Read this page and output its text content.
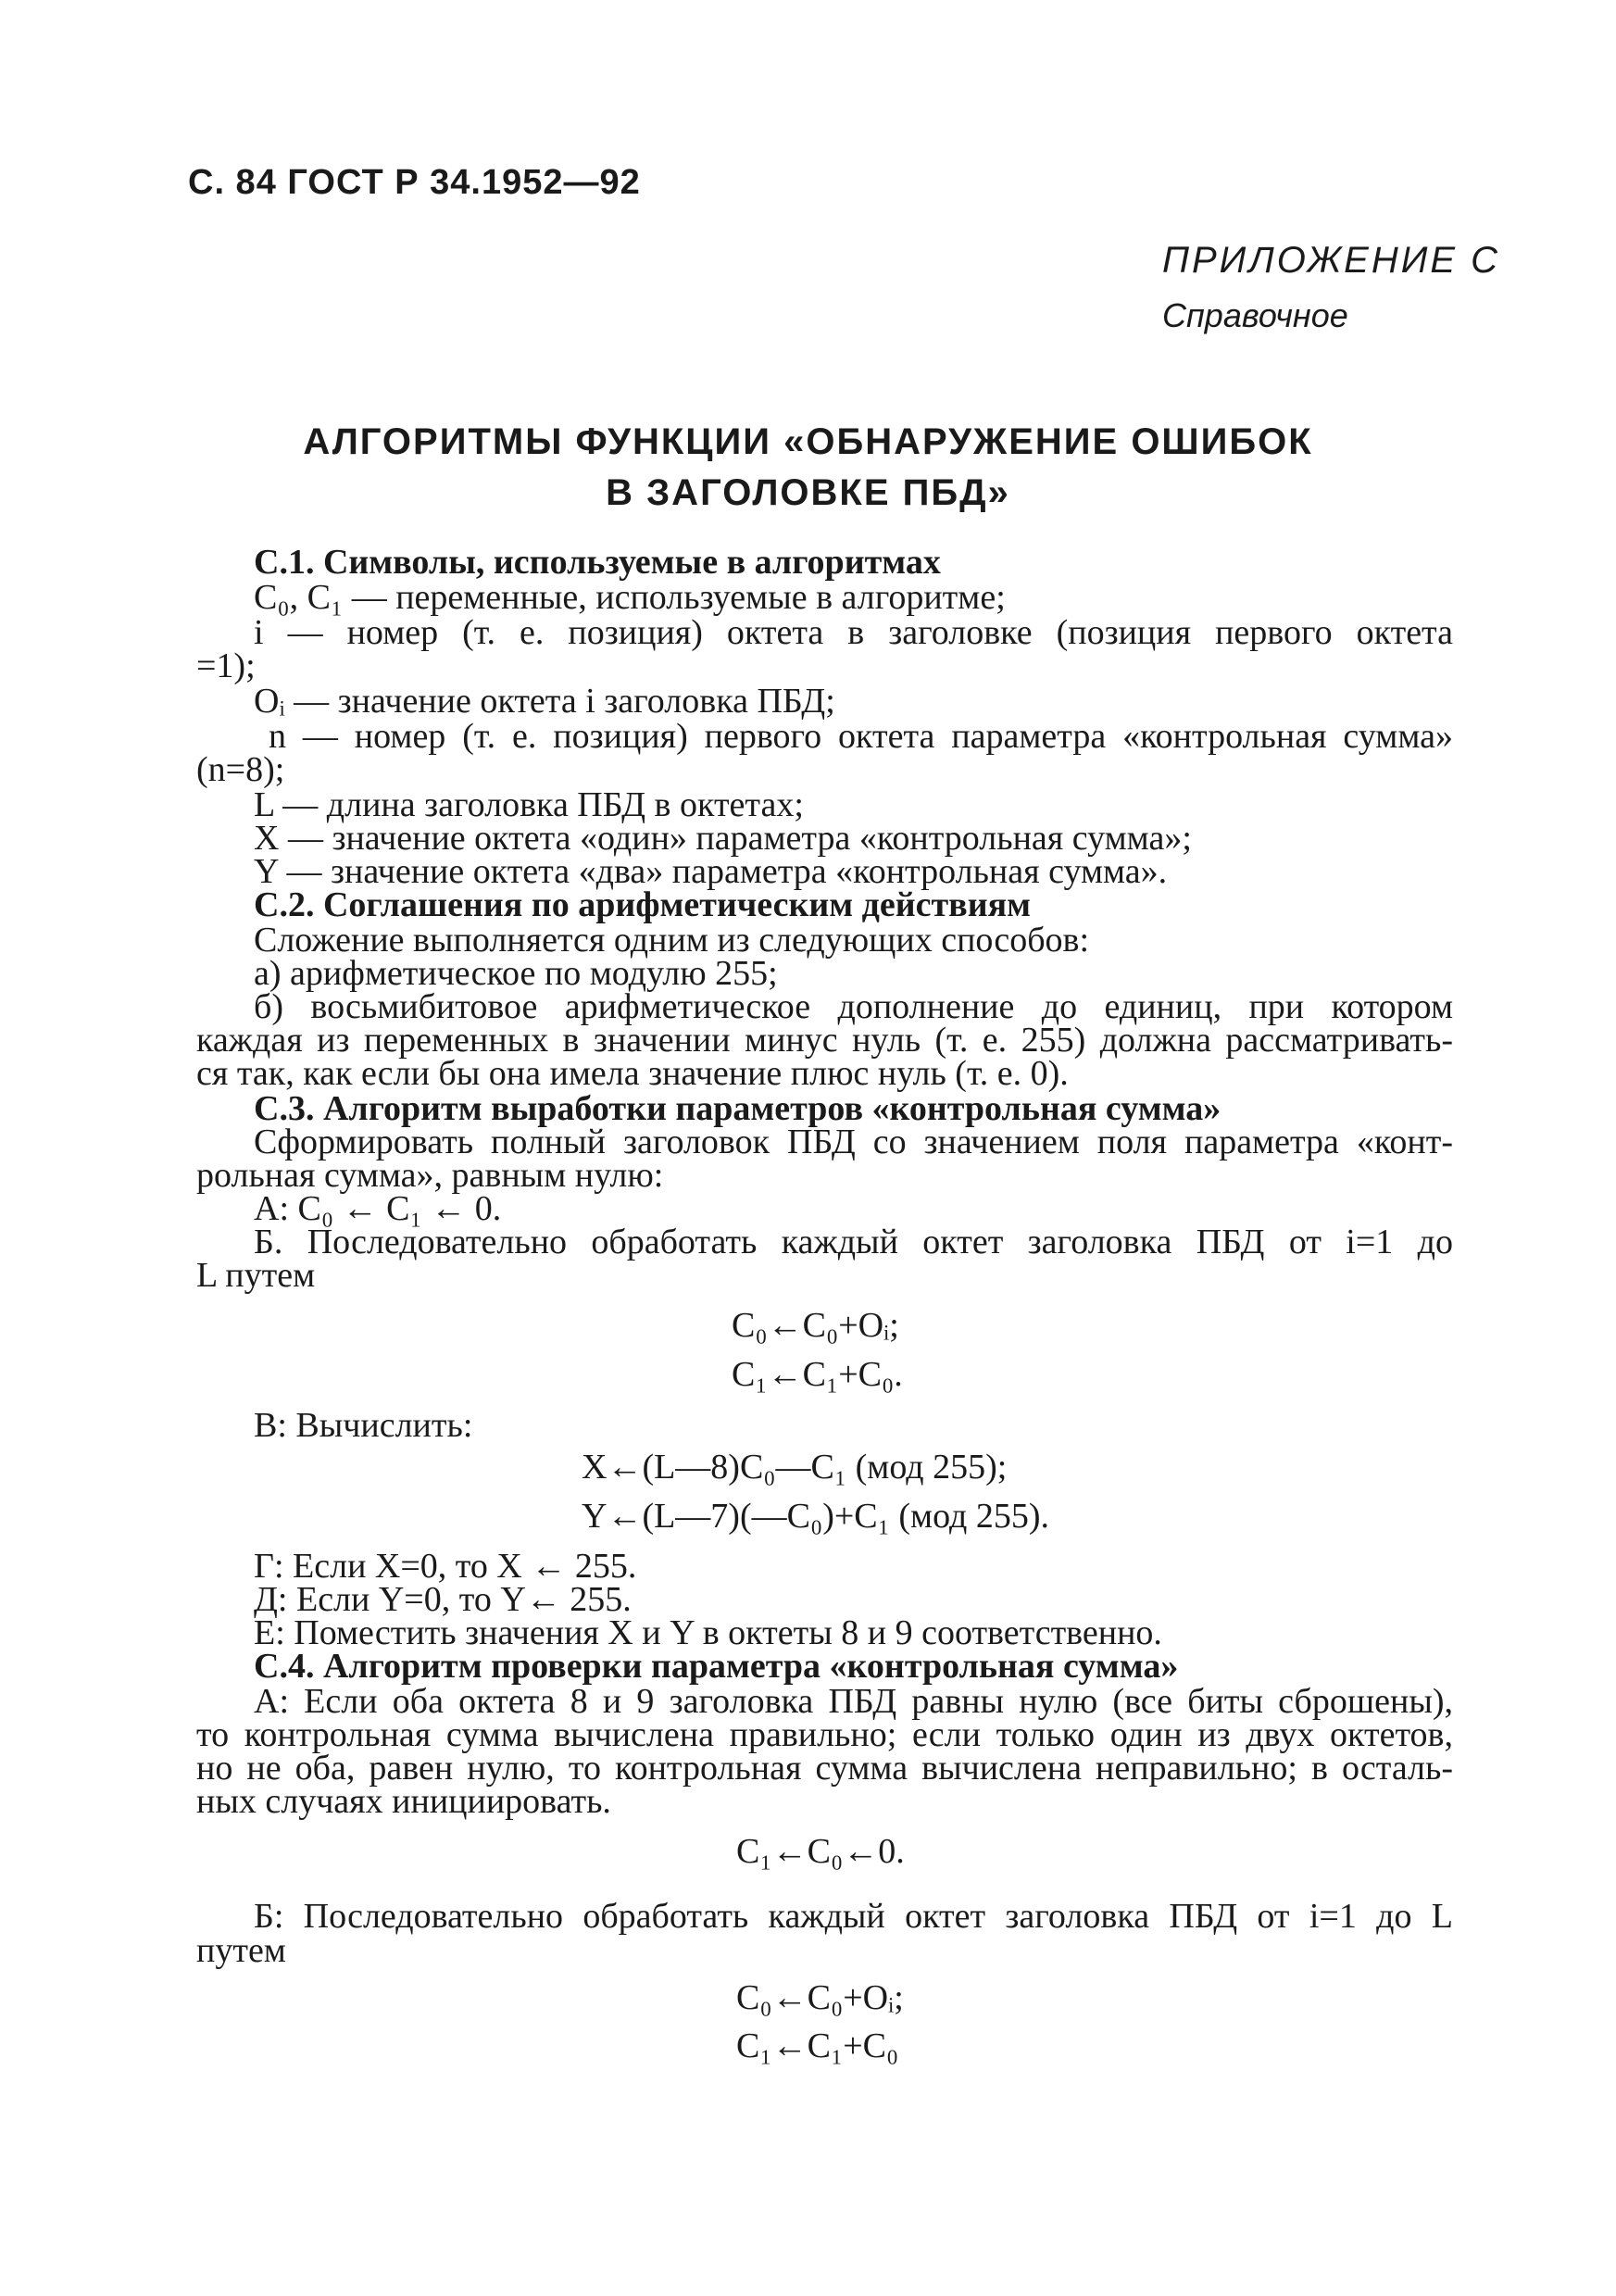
С. 84 ГОСТ Р 34.1952—92
ПРИЛОЖЕНИЕ С
Справочное
АЛГОРИТМЫ ФУНКЦИИ «ОБНАРУЖЕНИЕ ОШИБОК
В ЗАГОЛОВКЕ ПБД»
С.1. Символы, используемые в алгоритмах
C₀, C₁ — переменные, используемые в алгоритме;
i — номер (т. е. позиция) октета в заголовке (позиция первого октета
=1);
Oᵢ — значение октета i заголовка ПБД;
n — номер (т. е. позиция) первого октета параметра «контрольная сумма»
(n=8);
L — длина заголовка ПБД в октетах;
X — значение октета «один» параметра «контрольная сумма»;
Y — значение октета «два» параметра «контрольная сумма».
С.2. Соглашения по арифметическим действиям
Сложение выполняется одним из следующих способов:
а) арифметическое по модулю 255;
б) восьмибитовое арифметическое дополнение до единиц, при котором
каждая из переменных в значении минус нуль (т. е. 255) должна рассматривать-
ся так, как если бы она имела значение плюс нуль (т. е. 0).
С.3. Алгоритм выработки параметров «контрольная сумма»
Сформировать полный заголовок ПБД со значением поля параметра «конт-
рольная сумма», равным нулю:
А: C₀ ← C₁ ← 0.
Б. Последовательно обработать каждый октет заголовка ПБД от i=1 до
L путем
C₀←C₀+Oᵢ;
C₁←C₁+C₀.
В: Вычислить:
X←(L—8)C₀—C₁ (мод 255);
Y←(L—7)(—C₀)+C₁ (мод 255).
Г: Если X=0, то X ← 255.
Д: Если Y=0, то Y← 255.
Е: Поместить значения X и Y в октеты 8 и 9 соответственно.
С.4. Алгоритм проверки параметра «контрольная сумма»
А: Если оба октета 8 и 9 заголовка ПБД равны нулю (все биты сброшены),
то контрольная сумма вычислена правильно; если только один из двух октетов,
но не оба, равен нулю, то контрольная сумма вычислена неправильно; в осталь-
ных случаях инициировать.
C₁←C₀←0.
Б: Последовательно обработать каждый октет заголовка ПБД от i=1 до L
путем
C₀←C₀+Oᵢ;
C₁←C₁+C₀
